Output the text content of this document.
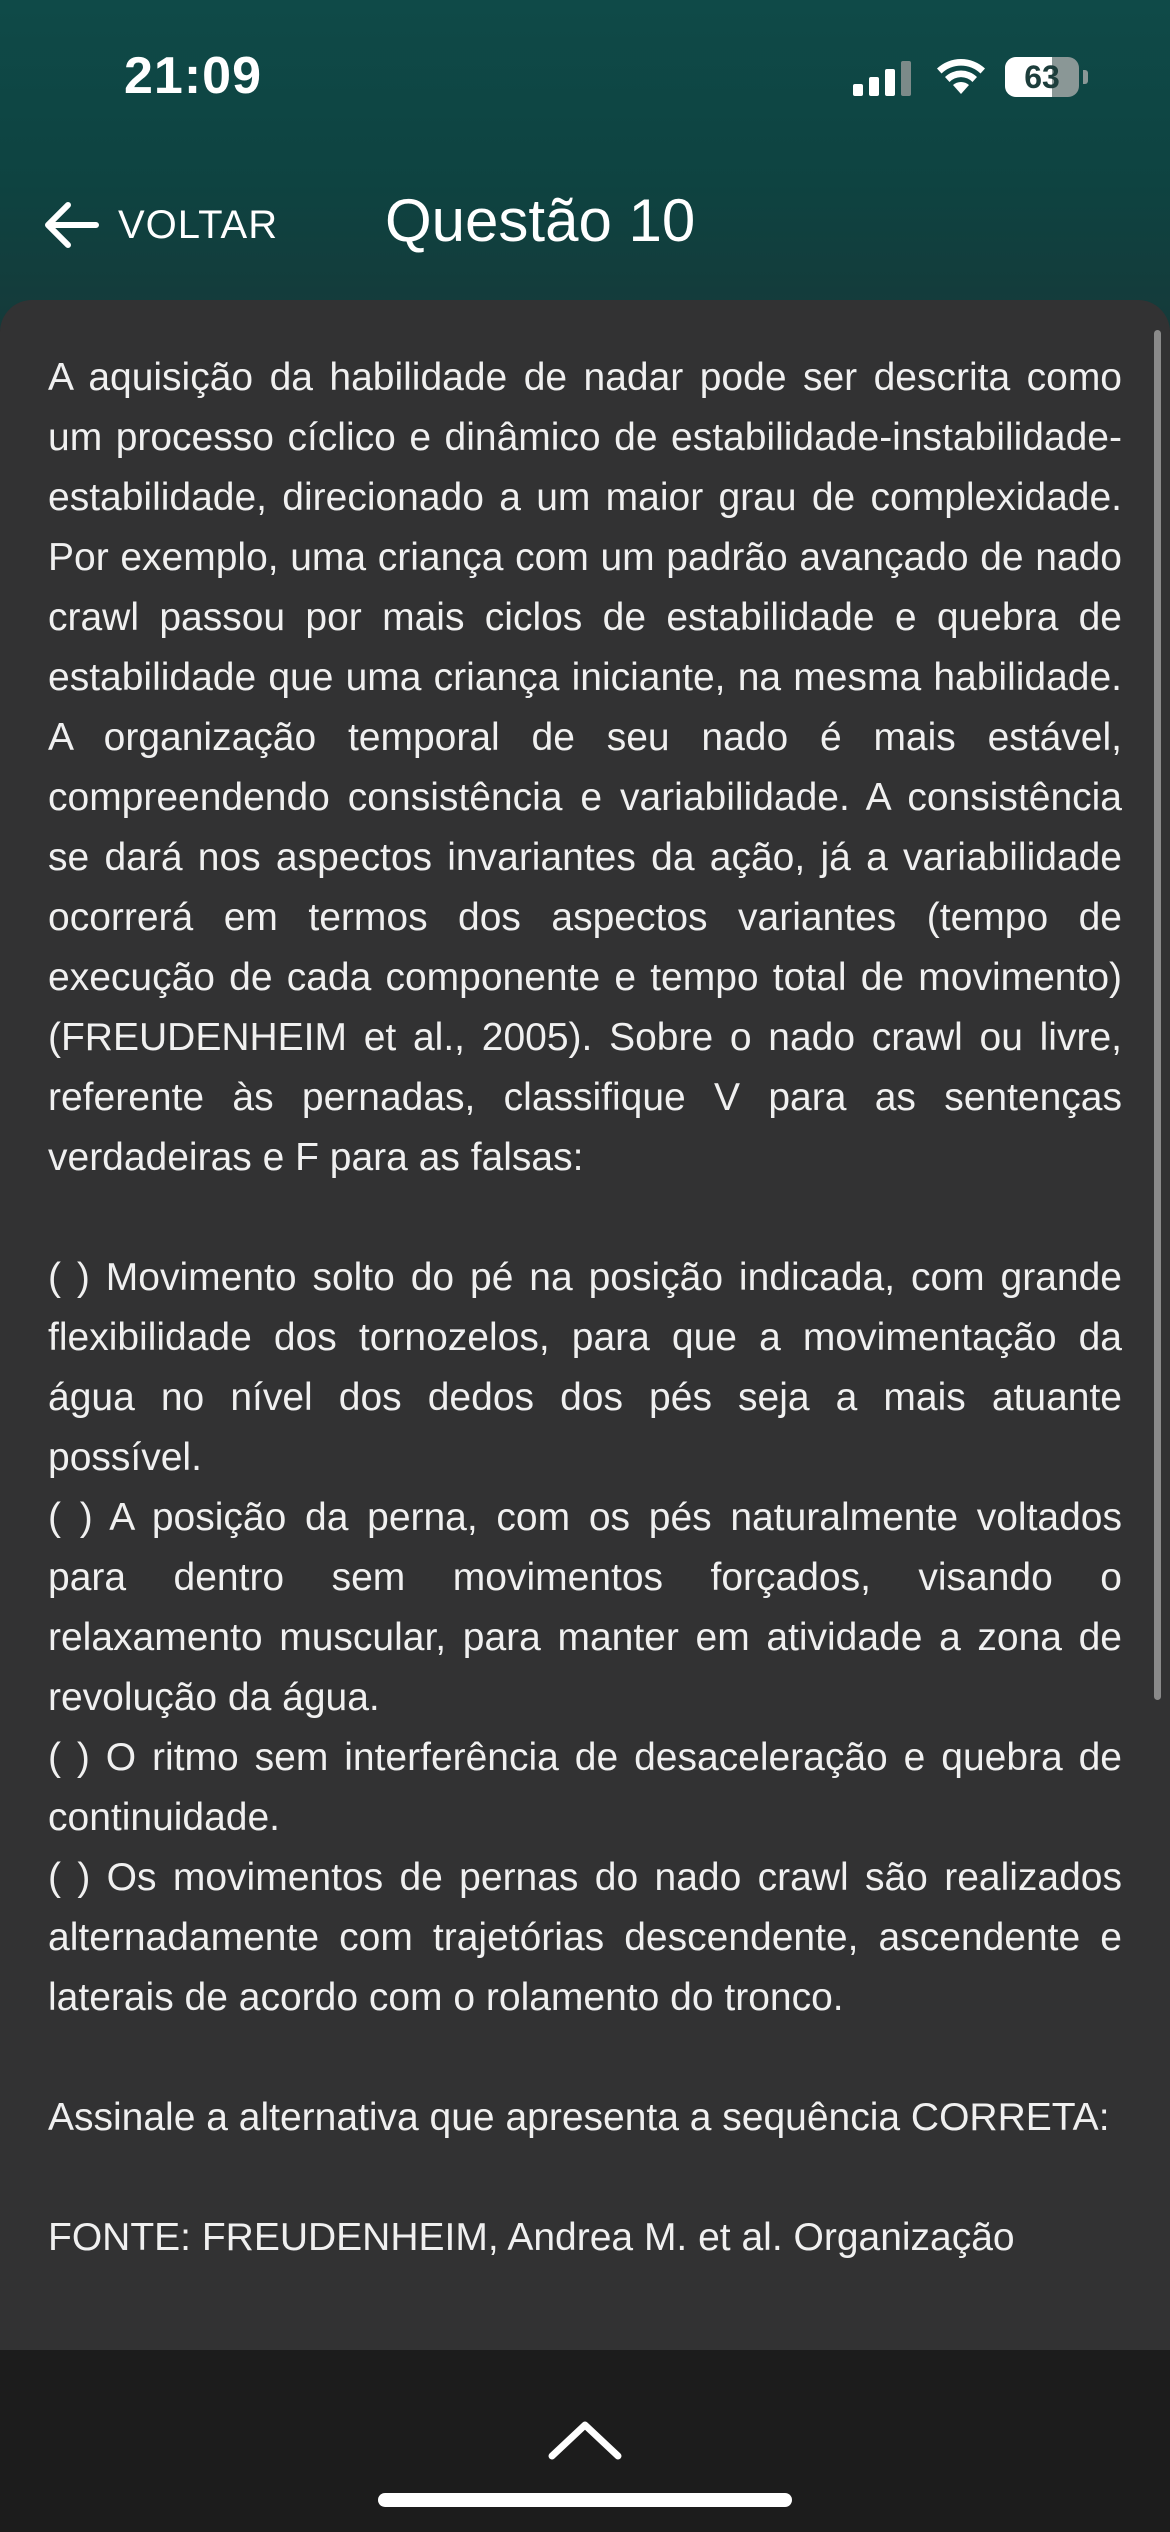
21:09	63
VOLTAR Questão 10

A aquisição da habilidade de nadar pode ser descrita como um processo cíclico e dinâmico de estabilidade-instabilidade-estabilidade, direcionado a um maior grau de complexidade. Por exemplo, uma criança com um padrão avançado de nado crawl passou por mais ciclos de estabilidade e quebra de estabilidade que uma criança iniciante, na mesma habilidade. A organização temporal de seu nado é mais estável, compreendendo consistência e variabilidade. A consistência se dará nos aspectos invariantes da ação, já a variabilidade ocorrerá em termos dos aspectos variantes (tempo de execução de cada componente e tempo total de movimento) (FREUDENHEIM et al., 2005). Sobre o nado crawl ou livre, referente às pernadas, classifique V para as sentenças verdadeiras e F para as falsas:

( ) Movimento solto do pé na posição indicada, com grande flexibilidade dos tornozelos, para que a movimentação da água no nível dos dedos dos pés seja a mais atuante possível.

( ) A posição da perna, com os pés naturalmente voltados para dentro sem movimentos forçados, visando o relaxamento muscular, para manter em atividade a zona de revolução da água.

( ) O ritmo sem interferência de desaceleração e quebra de continuidade.

( ) Os movimentos de pernas do nado crawl são realizados alternadamente com trajetórias descendente, ascendente e laterais de acordo com o rolamento do tronco.

Assinale a alternativa que apresenta a sequência CORRETA:

FONTE: FREUDENHEIM, Andrea M. et al. Organização
